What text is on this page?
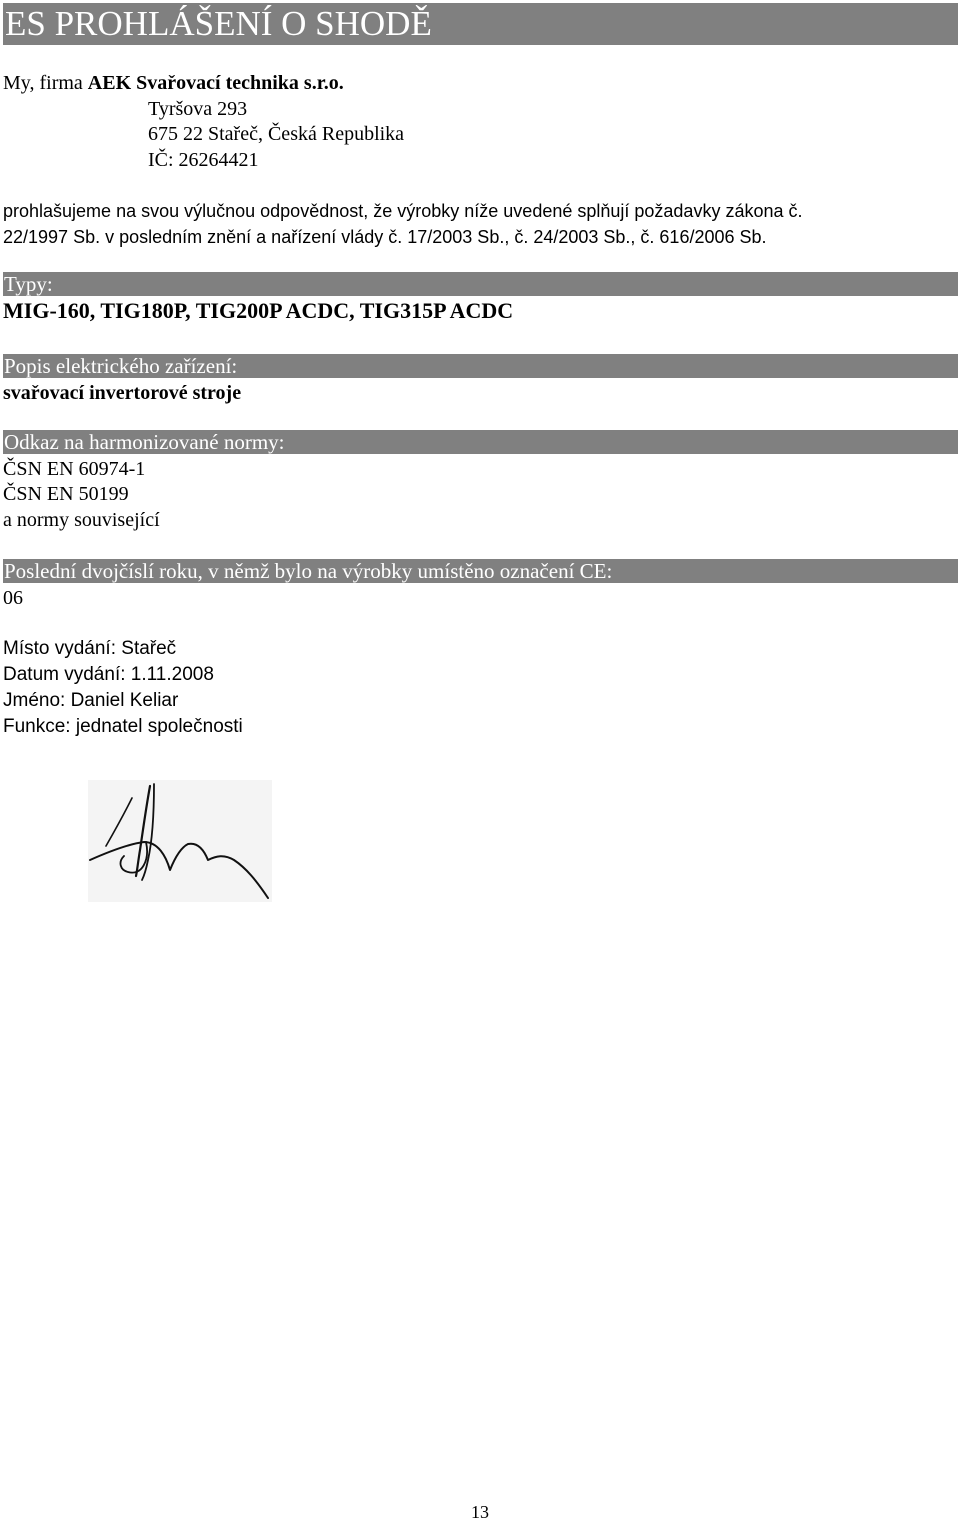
ES PROHLÁŠENÍ O SHODĚ
My, firma AEK Svařovací technika s.r.o.
Tyršova 293
675 22 Stařeč, Česká Republika
IČ: 26264421
prohlašujeme na svou výlučnou odpovědnost, že výrobky níže uvedené splňují požadavky zákona č.
22/1997 Sb. v posledním znění a nařízení vlády č. 17/2003 Sb., č. 24/2003 Sb., č. 616/2006 Sb.
Typy:
MIG-160, TIG180P, TIG200P ACDC, TIG315P ACDC
Popis elektrického zařízení:
svařovací invertorové stroje
Odkaz na harmonizované normy:
ČSN EN 60974-1
ČSN EN 50199
a normy související
Poslední dvojčíslí roku, v němž bylo na výrobky umístěno označení CE:
06
Místo vydání: Stařeč
Datum vydání: 1.11.2008
Jméno: Daniel Keliar
Funkce: jednatel společnosti
13
